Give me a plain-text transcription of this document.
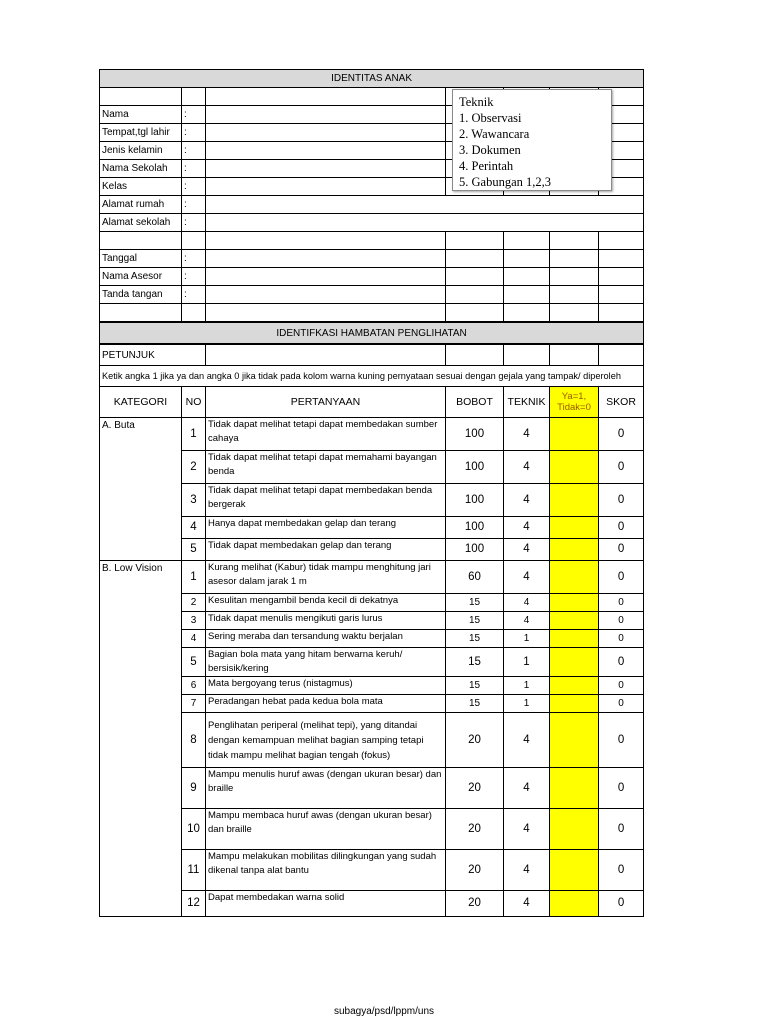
IDENTITAS ANAK						

Nama	:					
Tempat,tgl lahir	:					
Jenis kelamin	:					
Nama Sekolah	:					
Kelas	:					
Alamat rumah	:					
Alamat sekolah	:					

Tanggal	:					
Nama Asesor	:					
Tanda tangan	:					

IDENTIFKASI HAMBATAN PENGLIHATAN						
PETUNJUK						
Ketik angka 1 jika ya dan angka 0 jika tidak pada kolom warna kuning pernyataan sesuai dengan gejala yang tampak/ diperoleh						
KATEGORI	NO	PERTANYAAN	BOBOT	TEKNIK	Ya=1, Tidak=0	SKOR
A. Buta	1	Tidak dapat melihat tetapi dapat membedakan sumber cahaya	100	4		0
	2	Tidak dapat melihat tetapi dapat memahami bayangan benda	100	4		0
	3	Tidak dapat melihat tetapi dapat membedakan benda bergerak	100	4		0
	4	Hanya dapat membedakan gelap dan terang	100	4		0
	5	Tidak dapat membedakan gelap dan terang	100	4		0
B. Low Vision	1	Kurang melihat (Kabur) tidak mampu menghitung jari asesor dalam jarak 1 m	60	4		0
	2	Kesulitan mengambil benda kecil di dekatnya	15	4		0
	3	Tidak dapat menulis mengikuti garis lurus	15	4		0
	4	Sering meraba dan tersandung waktu berjalan	15	1		0
	5	Bagian bola mata yang hitam berwarna keruh/ bersisik/kering	15	1		0
	6	Mata bergoyang terus (nistagmus)	15	1		0
	7	Peradangan hebat pada kedua bola mata	15	1		0
	8	Penglihatan periperal (melihat tepi), yang ditandai dengan kemampuan melihat bagian samping tetapi tidak mampu melihat bagian tengah (fokus)	20	4		0
	9	Mampu menulis huruf awas (dengan ukuran besar) dan braille	20	4		0
	10	Mampu membaca huruf awas (dengan ukuran besar) dan braille	20	4		0
	11	Mampu melakukan mobilitas dilingkungan yang sudah dikenal tanpa alat bantu	20	4		0
	12	Dapat membedakan warna solid	20	4		0
Teknik
1. Observasi
2. Wawancara
3. Dokumen
4. Perintah
5. Gabungan 1,2,3
subagya/psd/lppm/uns
